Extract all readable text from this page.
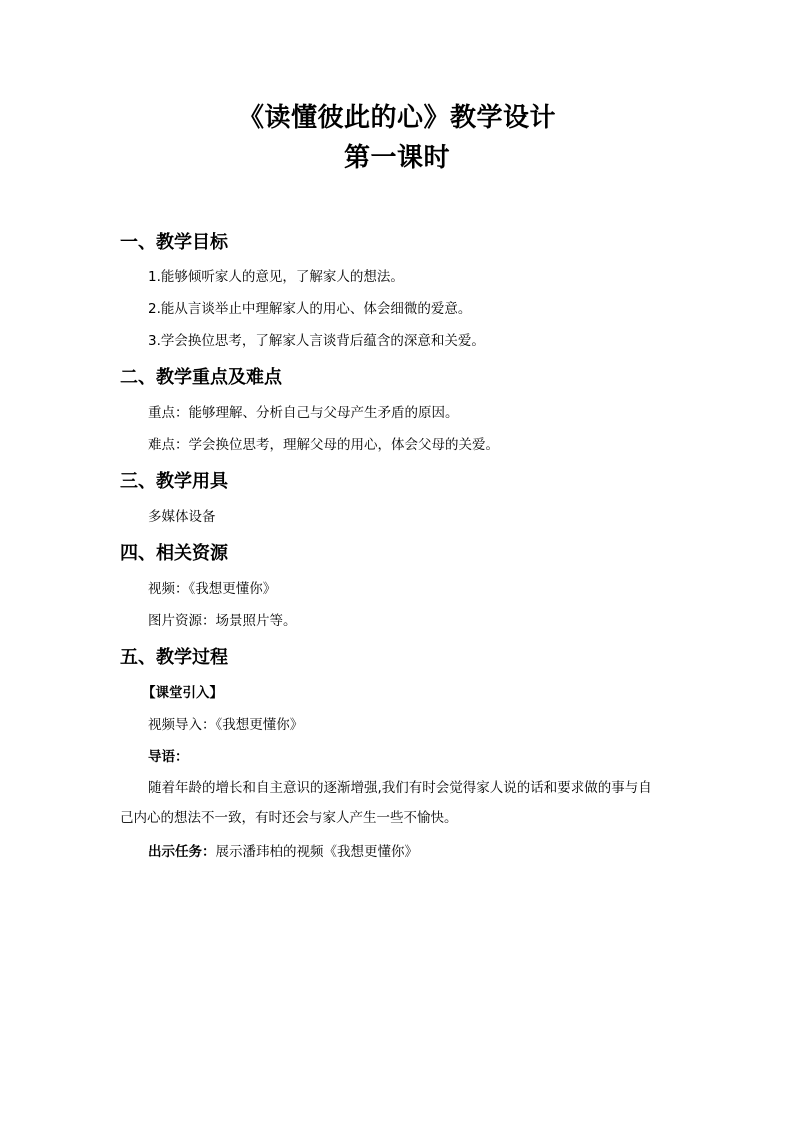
《读懂彼此的心》教学设计
第一课时
一、教学目标
1.能够倾听家人的意见，了解家人的想法。
2.能从言谈举止中理解家人的用心、体会细微的爱意。
3.学会换位思考，了解家人言谈背后蕴含的深意和关爱。
二、教学重点及难点
重点：能够理解、分析自己与父母产生矛盾的原因。
难点：学会换位思考，理解父母的用心，体会父母的关爱。
三、教学用具
多媒体设备
四、相关资源
视频：《我想更懂你》
图片资源：场景照片等。
五、教学过程
【课堂引入】
视频导入：《我想更懂你》
导语：
随着年龄的增长和自主意识的逐渐增强,我们有时会觉得家人说的话和要求做的事与自己内心的想法不一致，有时还会与家人产生一些不愉快。
出示任务：展示潘玮柏的视频《我想更懂你》
